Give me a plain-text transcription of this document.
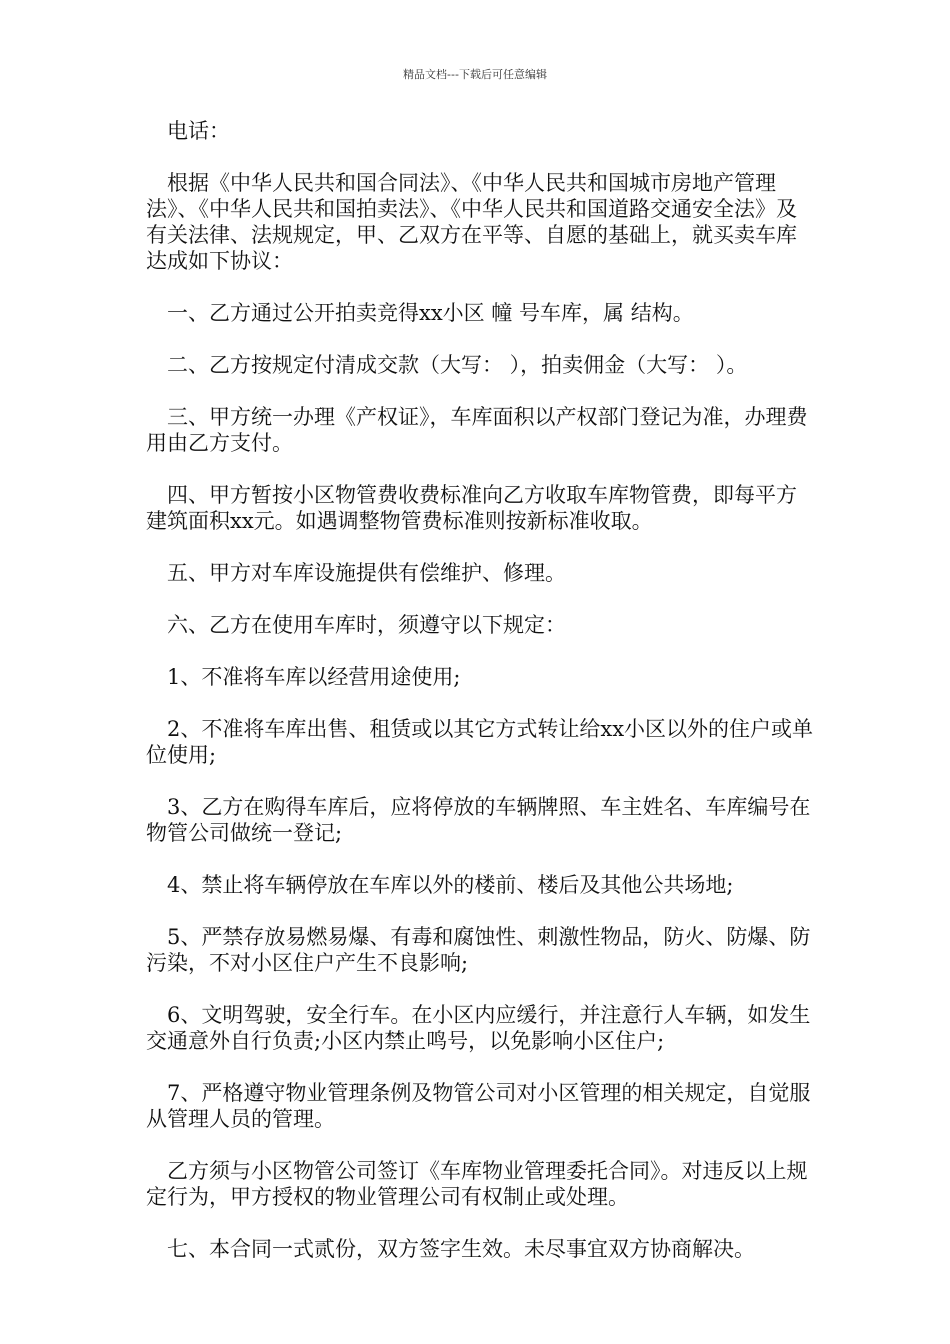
精品文档---下载后可任意编辑

电话：

根据《中华人民共和国合同法》、《中华人民共和国城市房地产管理法》、《中华人民共和国拍卖法》、《中华人民共和国道路交通安全法》及有关法律、法规规定，甲、乙双方在平等、自愿的基础上，就买卖车库达成如下协议：

一、乙方通过公开拍卖竞得xx小区 幢 号车库，属 结构。

二、乙方按规定付清成交款（大写： ），拍卖佣金（大写： ）。

三、甲方统一办理《产权证》，车库面积以产权部门登记为准，办理费用由乙方支付。

四、甲方暂按小区物管费收费标准向乙方收取车库物管费，即每平方建筑面积xx元。如遇调整物管费标准则按新标准收取。

五、甲方对车库设施提供有偿维护、修理。

六、乙方在使用车库时，须遵守以下规定：

1、不准将车库以经营用途使用;

2、不准将车库出售、租赁或以其它方式转让给xx小区以外的住户或单位使用;

3、乙方在购得车库后，应将停放的车辆牌照、车主姓名、车库编号在物管公司做统一登记;

4、禁止将车辆停放在车库以外的楼前、楼后及其他公共场地;

5、严禁存放易燃易爆、有毒和腐蚀性、刺激性物品，防火、防爆、防污染，不对小区住户产生不良影响;

6、文明驾驶，安全行车。在小区内应缓行，并注意行人车辆，如发生交通意外自行负责;小区内禁止鸣号，以免影响小区住户;

7、严格遵守物业管理条例及物管公司对小区管理的相关规定，自觉服从管理人员的管理。

乙方须与小区物管公司签订《车库物业管理委托合同》。对违反以上规定行为，甲方授权的物业管理公司有权制止或处理。

七、本合同一式贰份，双方签字生效。未尽事宜双方协商解决。
